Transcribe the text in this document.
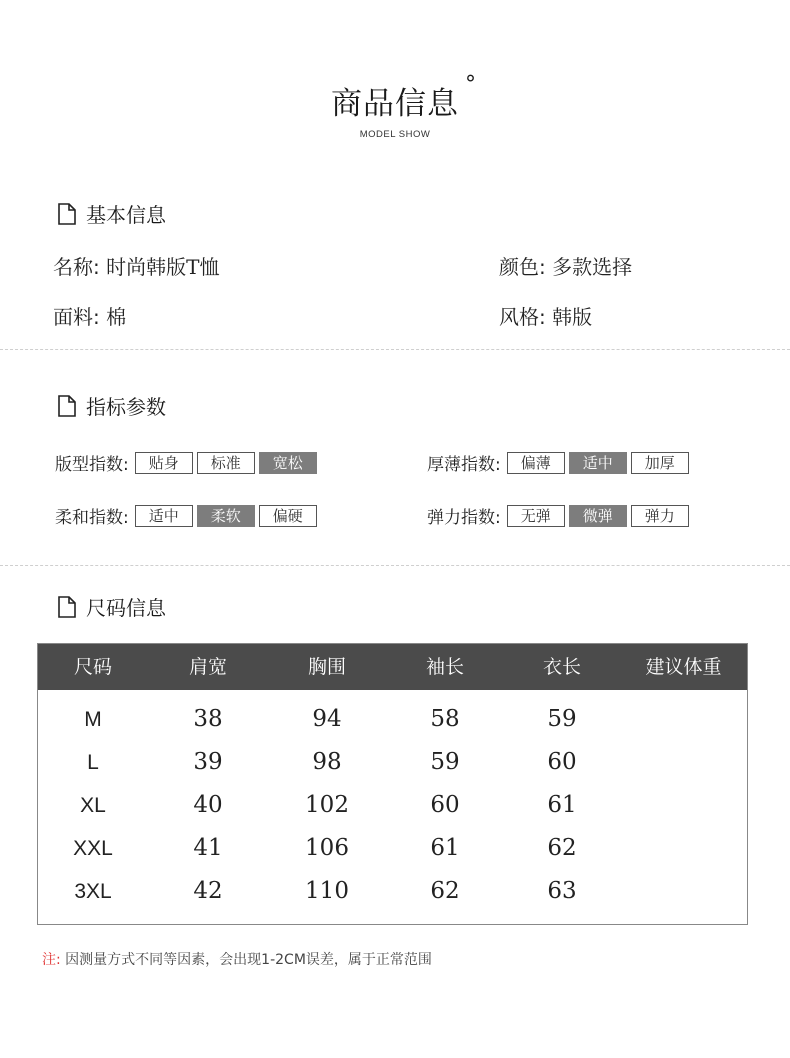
商品信息
°
MODEL SHOW
基本信息
名称: 时尚韩版T恤	颜色: 多款选择
面料: 棉	风格: 韩版
指标参数
版型指数:	贴身	标准	宽松	厚薄指数:	偏薄	适中	加厚
柔和指数:	适中	柔软	偏硬	弹力指数:	无弹	微弹	弹力
尺码信息
尺码	肩宽	胸围	袖长	衣长	建议体重
M	38	94	58	59
L	39	98	59	60
XL	40	102	60	61
XXL	41	106	61	62
3XL	42	110	62	63
注: 因测量方式不同等因素，会出现1-2CM误差，属于正常范围
